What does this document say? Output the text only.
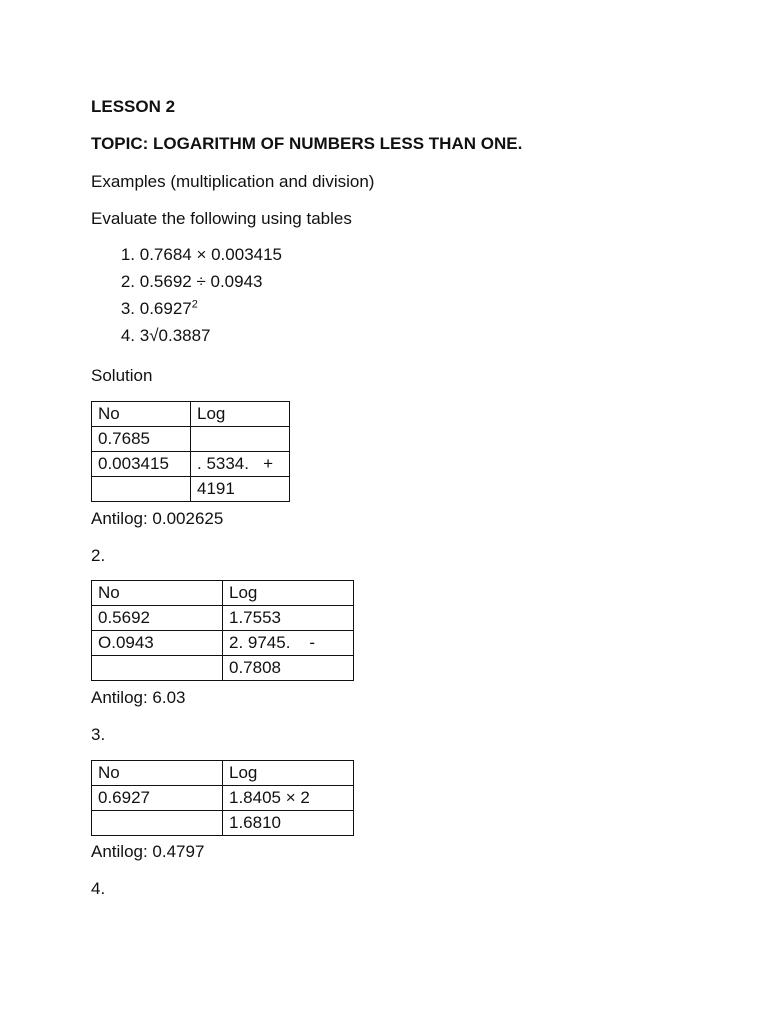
LESSON 2
TOPIC: LOGARITHM OF NUMBERS LESS THAN ONE.
Examples (multiplication and division)
Evaluate the following using tables
1. 0.7684 × 0.003415
2. 0.5692 ÷ 0.0943
3. 0.6927$^2$
4. 3√0.3887
Solution
No	Log
0.7685	
0.003415	. 5334.   +
	4191
Antilog: 0.002625
2.
No	Log
0.5692	1.7553
O.0943	2. 9745.    -
	0.7808
Antilog: 6.03
3.
No	Log
0.6927	1.8405 × 2
	1.6810
Antilog: 0.4797
4.
